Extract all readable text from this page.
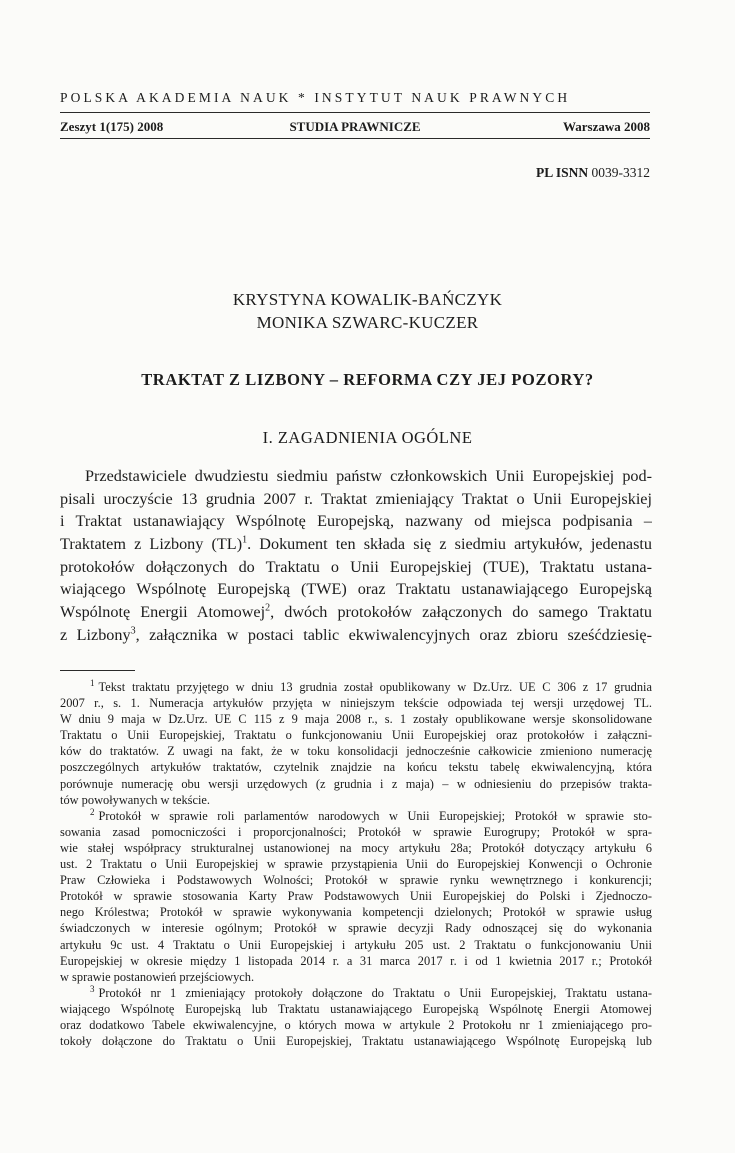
POLSKA AKADEMIA NAUK * INSTYTUT NAUK PRAWNYCH
Zeszyt 1(175) 2008	STUDIA PRAWNICZE	Warszawa 2008
PL ISNN 0039-3312
KRYSTYNA KOWALIK-BAŃCZYK
MONIKA SZWARC-KUCZER
TRAKTAT Z LIZBONY – REFORMA CZY JEJ POZORY?
I. ZAGADNIENIA OGÓLNE
Przedstawiciele dwudziestu siedmiu państw członkowskich Unii Europejskiej pod-
pisali uroczyście 13 grudnia 2007 r. Traktat zmieniający Traktat o Unii Europejskiej
i Traktat ustanawiający Wspólnotę Europejską, nazwany od miejsca podpisania –
Traktatem z Lizbony (TL)$^1$. Dokument ten składa się z siedmiu artykułów, jedenastu
protokołów dołączonych do Traktatu o Unii Europejskiej (TUE), Traktatu ustana-
wiającego Wspólnotę Europejską (TWE) oraz Traktatu ustanawiającego Europejską
Wspólnotę Energii Atomowej$^2$, dwóch protokołów załączonych do samego Traktatu
z Lizbony$^3$, załącznika w postaci tablic ekwiwalencyjnych oraz zbioru sześćdziesię-
$^1$ Tekst traktatu przyjętego w dniu 13 grudnia został opublikowany w Dz.Urz. UE C 306 z 17 grudnia
2007 r., s. 1. Numeracja artykułów przyjęta w niniejszym tekście odpowiada tej wersji urzędowej TL.
W dniu 9 maja w Dz.Urz. UE C 115 z 9 maja 2008 r., s. 1 zostały opublikowane wersje skonsolidowane
Traktatu o Unii Europejskiej, Traktatu o funkcjonowaniu Unii Europejskiej oraz protokołów i załączni-
ków do traktatów. Z uwagi na fakt, że w toku konsolidacji jednocześnie całkowicie zmieniono numerację
poszczególnych artykułów traktatów, czytelnik znajdzie na końcu tekstu tabelę ekwiwalencyjną, która
porównuje numerację obu wersji urzędowych (z grudnia i z maja) – w odniesieniu do przepisów trakta-
tów powoływanych w tekście.
$^2$ Protokół w sprawie roli parlamentów narodowych w Unii Europejskiej; Protokół w sprawie sto-
sowania zasad pomocniczości i proporcjonalności; Protokół w sprawie Eurogrupy; Protokół w spra-
wie stałej współpracy strukturalnej ustanowionej na mocy artykułu 28a; Protokół dotyczący artykułu 6
ust. 2 Traktatu o Unii Europejskiej w sprawie przystąpienia Unii do Europejskiej Konwencji o Ochronie
Praw Człowieka i Podstawowych Wolności; Protokół w sprawie rynku wewnętrznego i konkurencji;
Protokół w sprawie stosowania Karty Praw Podstawowych Unii Europejskiej do Polski i Zjednoczo-
nego Królestwa; Protokół w sprawie wykonywania kompetencji dzielonych; Protokół w sprawie usług
świadczonych w interesie ogólnym; Protokół w sprawie decyzji Rady odnoszącej się do wykonania
artykułu 9c ust. 4 Traktatu o Unii Europejskiej i artykułu 205 ust. 2 Traktatu o funkcjonowaniu Unii
Europejskiej w okresie między 1 listopada 2014 r. a 31 marca 2017 r. i od 1 kwietnia 2017 r.; Protokół
w sprawie postanowień przejściowych.
$^3$ Protokół nr 1 zmieniający protokoły dołączone do Traktatu o Unii Europejskiej, Traktatu ustana-
wiającego Wspólnotę Europejską lub Traktatu ustanawiającego Europejską Wspólnotę Energii Atomowej
oraz dodatkowo Tabele ekwiwalencyjne, o których mowa w artykule 2 Protokołu nr 1 zmieniającego pro-
tokoły dołączone do Traktatu o Unii Europejskiej, Traktatu ustanawiającego Wspólnotę Europejską lub
